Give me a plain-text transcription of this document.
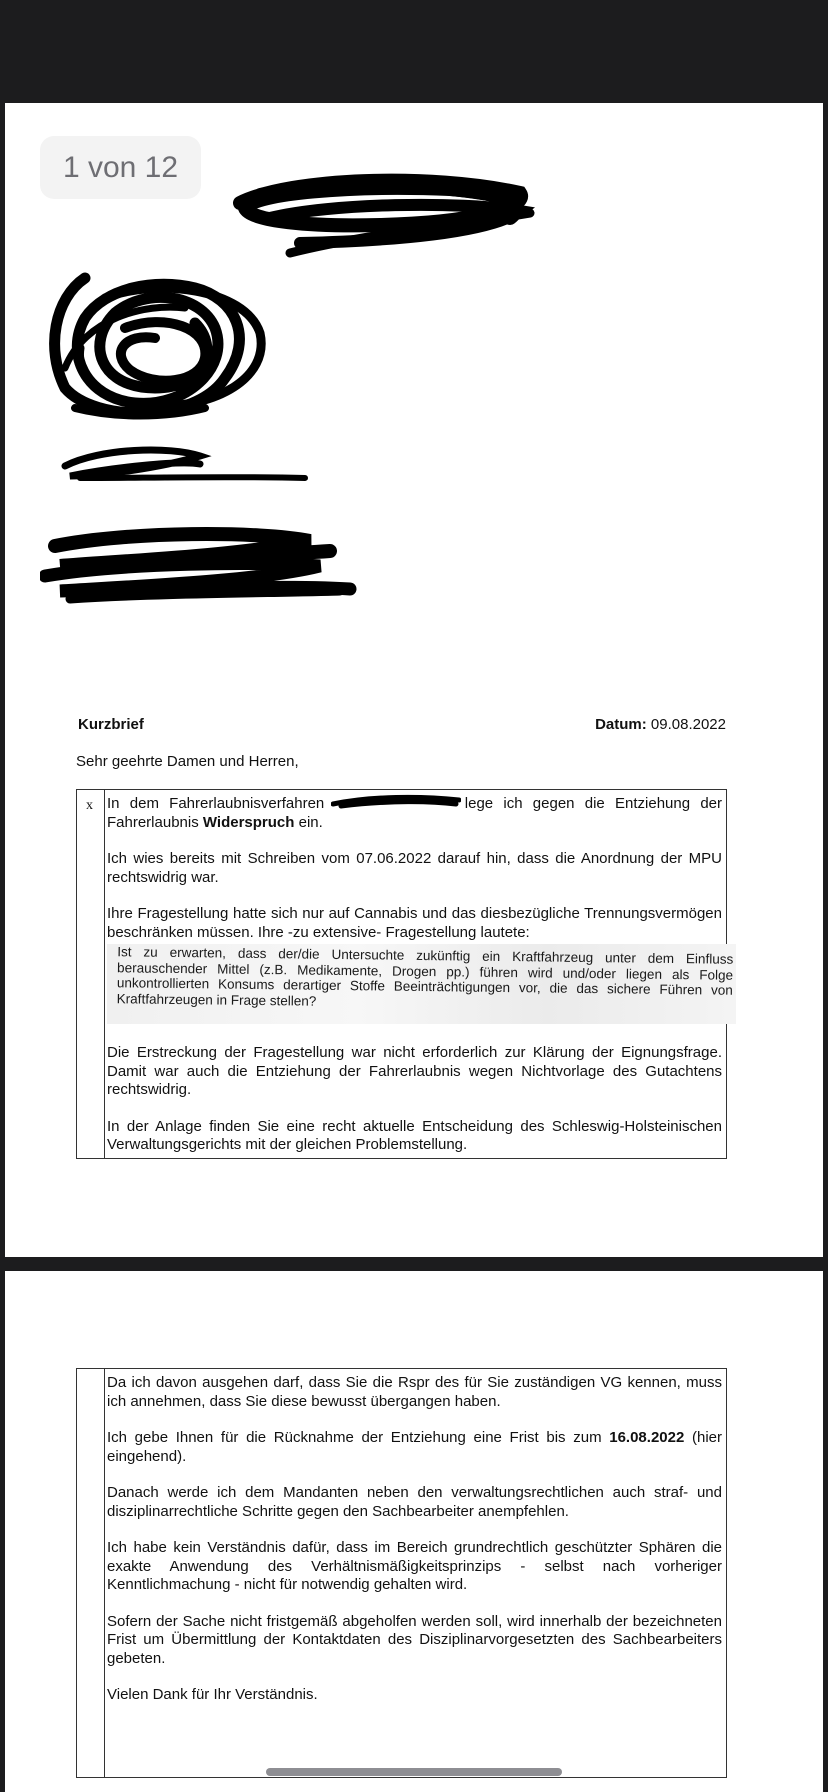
1 von 12
Kurzbrief	Datum: 09.08.2022
Sehr geehrte Damen und Herren,
x In dem Fahrerlaubnisverfahren	lege ich gegen die Entziehung der Fahrerlaubnis Widerspruch ein.

Ich wies bereits mit Schreiben vom 07.06.2022 darauf hin, dass die Anordnung der MPU rechtswidrig war.

Ihre Fragestellung hatte sich nur auf Cannabis und das diesbezügliche Trennungsvermögen beschränken müssen. Ihre -zu extensive- Fragestellung lautete:

Ist zu erwarten, dass der/die Untersuchte zukünftig ein Kraftfahrzeug unter dem Einfluss berauschender Mittel (z.B. Medikamente, Drogen pp.) führen wird und/oder liegen als Folge unkontrollierten Konsums derartiger Stoffe Beeinträchtigungen vor, die das sichere Führen von Kraftfahrzeugen in Frage stellen?

Die Erstreckung der Fragestellung war nicht erforderlich zur Klärung der Eignungsfrage. Damit war auch die Entziehung der Fahrerlaubnis wegen Nichtvorlage des Gutachtens rechtswidrig.

In der Anlage finden Sie eine recht aktuelle Entscheidung des Schleswig-Holsteinischen Verwaltungsgerichts mit der gleichen Problemstellung.

Da ich davon ausgehen darf, dass Sie die Rspr des für Sie zuständigen VG kennen, muss ich annehmen, dass Sie diese bewusst übergangen haben.

Ich gebe Ihnen für die Rücknahme der Entziehung eine Frist bis zum 16.08.2022 (hier eingehend).

Danach werde ich dem Mandanten neben den verwaltungsrechtlichen auch straf- und disziplinarrechtliche Schritte gegen den Sachbearbeiter anempfehlen.

Ich habe kein Verständnis dafür, dass im Bereich grundrechtlich geschützter Sphären die exakte Anwendung des Verhältnismäßigkeitsprinzips - selbst nach vorheriger Kenntlichmachung - nicht für notwendig gehalten wird.

Sofern der Sache nicht fristgemäß abgeholfen werden soll, wird innerhalb der bezeichneten Frist um Übermittlung der Kontaktdaten des Disziplinarvorgesetzten des Sachbearbeiters gebeten.

Vielen Dank für Ihr Verständnis.
